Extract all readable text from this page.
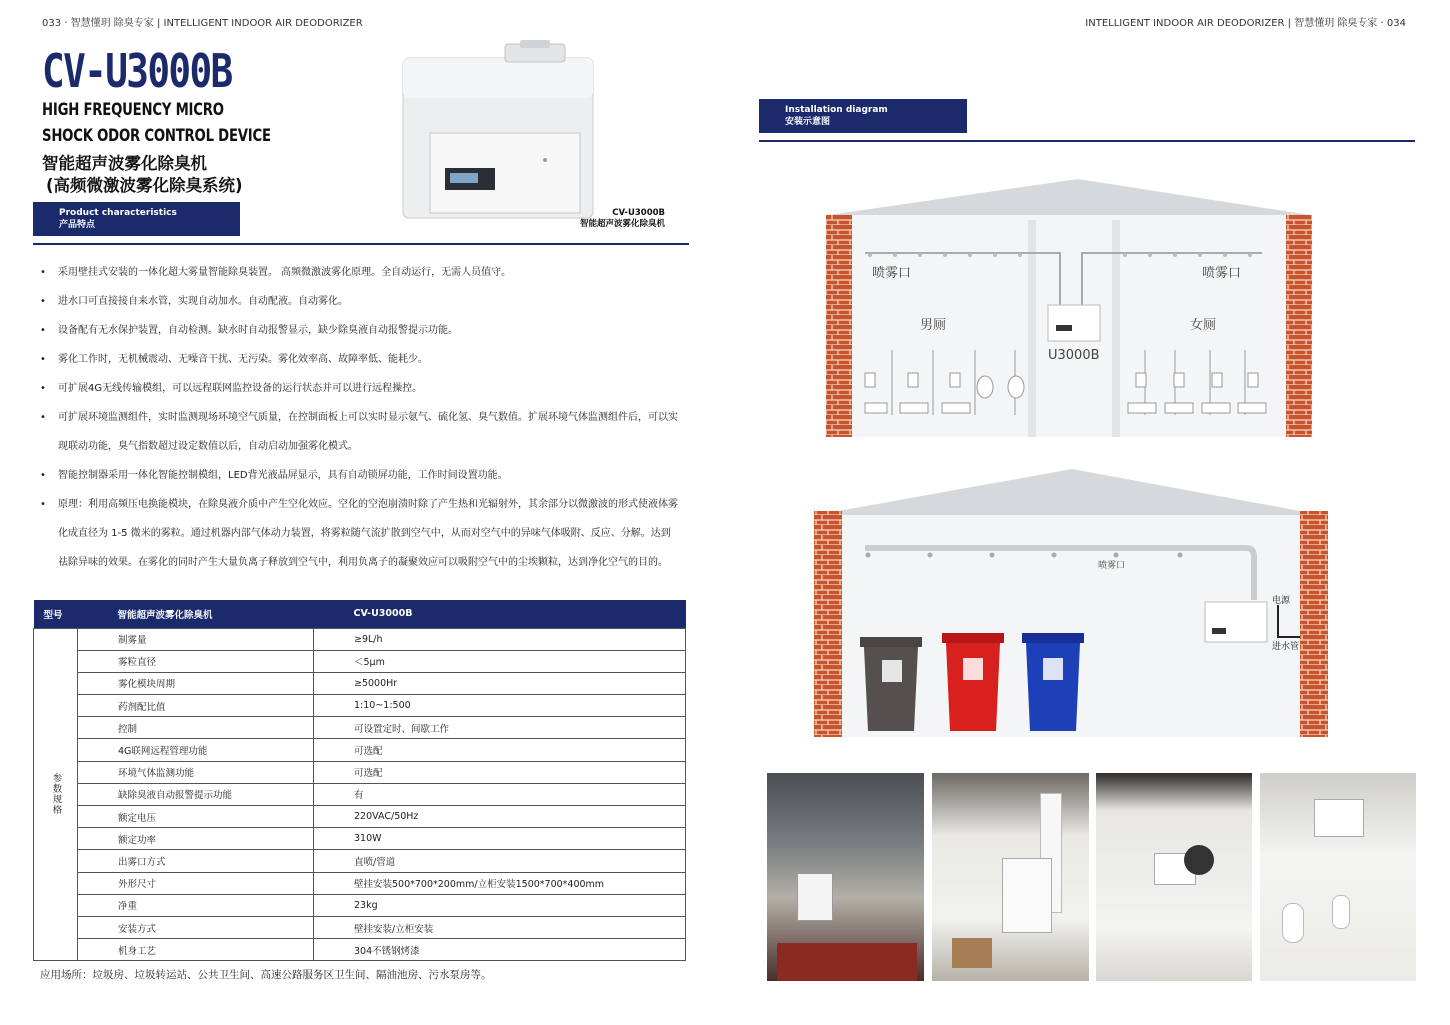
033 · 智慧懂玥 除臭专家 | INTELLIGENT INDOOR AIR DEODORIZER	INTELLIGENT INDOOR AIR DEODORIZER | 智慧懂玥 除臭专家 · 034
CV-U3000B
HIGH FREQUENCY MICRO
SHOCK ODOR CONTROL DEVICE
智能超声波雾化除臭机
(高频微激波雾化除臭系统)
CV-U3000B
智能超声波雾化除臭机
Product characteristics
产品特点
• 采用壁挂式安装的一体化超大雾量智能除臭装置。 高频微激波雾化原理。全自动运行，无需人员值守。
• 进水口可直接接自来水管，实现自动加水。自动配液。自动雾化。
• 设备配有无水保护装置，自动检测。缺水时自动报警显示，缺少除臭液自动报警提示功能。
• 雾化工作时，无机械震动、无噪音干扰、无污染。雾化效率高、故障率低、能耗少。
• 可扩展4G无线传输模组，可以远程联网监控设备的运行状态并可以进行远程操控。
• 可扩展环境监测组件，实时监测现场环境空气质量，在控制面板上可以实时显示氨气、硫化氢、臭气数值。扩展环境气体监测组件后，可以实现联动功能，臭气指数超过设定数值以后，自动启动加强雾化模式。
• 智能控制器采用一体化智能控制模组，LED背光液晶屏显示，具有自动锁屏功能，工作时间设置功能。
• 原理：利用高频压电换能模块，在除臭液介质中产生空化效应。空化的空泡崩溃时除了产生热和光辐射外，其余部分以微激波的形式使液体雾化成直径为 1-5 微米的雾粒。通过机器内部气体动力装置，将雾粒随气流扩散到空气中，从而对空气中的异味气体吸附、反应、分解。达到祛除异味的效果。在雾化的同时产生大量负离子释放到空气中，利用负离子的凝聚效应可以吸附空气中的尘埃颗粒，达到净化空气的目的。
型号	智能超声波雾化除臭机	CV-U3000B
参数规格	制雾量	≥9L/h
	雾粒直径	＜5μm
	雾化模块周期	≥5000Hr
	药剂配比值	1:10~1:500
	控制	可设置定时、间歇工作
	4G联网远程管理功能	可选配
	环境气体监测功能	可选配
	缺除臭液自动报警提示功能	有
	额定电压	220VAC/50Hz
	额定功率	310W
	出雾口方式	直喷/管道
	外形尺寸	壁挂安装500*700*200mm/立柜安装1500*700*400mm
	净重	23kg
	安装方式	壁挂安装/立柜安装
	机身工艺	304不锈钢烤漆
应用场所：垃圾房、垃圾转运站、公共卫生间、高速公路服务区卫生间、隔油池房、污水泵房等。
Installation diagram
安装示意图
喷雾口	喷雾口
男厕	女厕
U3000B
喷雾口
电源
进水管
